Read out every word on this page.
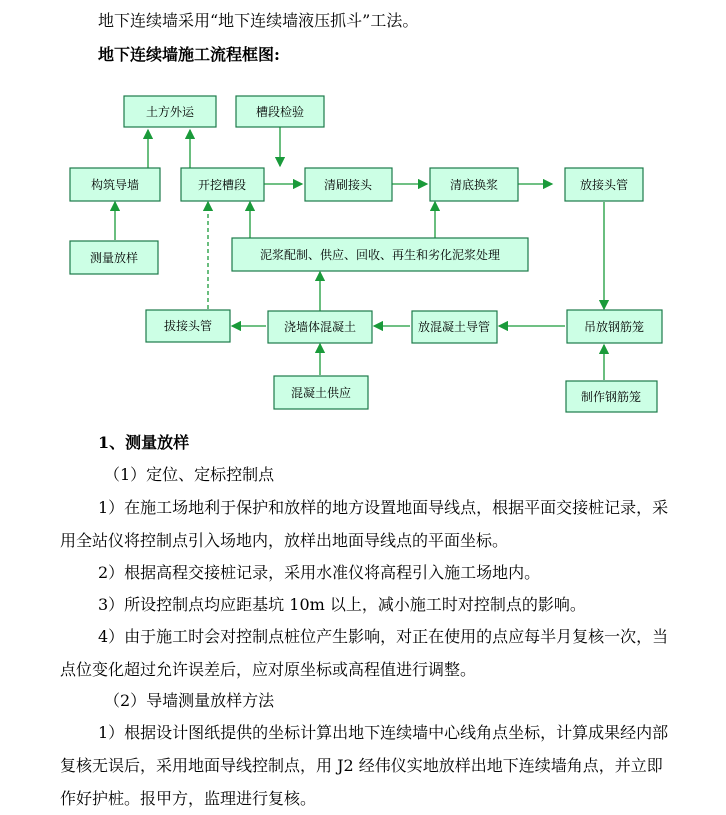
地下连续墙采用“地下连续墙液压抓斗”工法。
地下连续墙施工流程框图:
土方外运	槽段检验
构筑导墙	开挖槽段	清刷接头	清底换浆	放接头管
测量放样	泥浆配制、供应、回收、再生和劣化泥浆处理
拔接头管	浇墙体混凝土	放混凝土导管	吊放钢筋笼
混凝土供应	制作钢筋笼
1、测量放样
（1）定位、定标控制点
1）在施工场地利于保护和放样的地方设置地面导线点，根据平面交接桩记录，采用全站仪将控制点引入场地内，放样出地面导线点的平面坐标。
2）根据高程交接桩记录，采用水准仪将高程引入施工场地内。
3）所设控制点均应距基坑 10m 以上，减小施工时对控制点的影响。
4）由于施工时会对控制点桩位产生影响，对正在使用的点应每半月复核一次，当点位变化超过允许误差后，应对原坐标或高程值进行调整。
（2）导墙测量放样方法
1）根据设计图纸提供的坐标计算出地下连续墙中心线角点坐标，计算成果经内部复核无误后，采用地面导线控制点，用 J2 经伟仪实地放样出地下连续墙角点，并立即作好护桩。报甲方，监理进行复核。
